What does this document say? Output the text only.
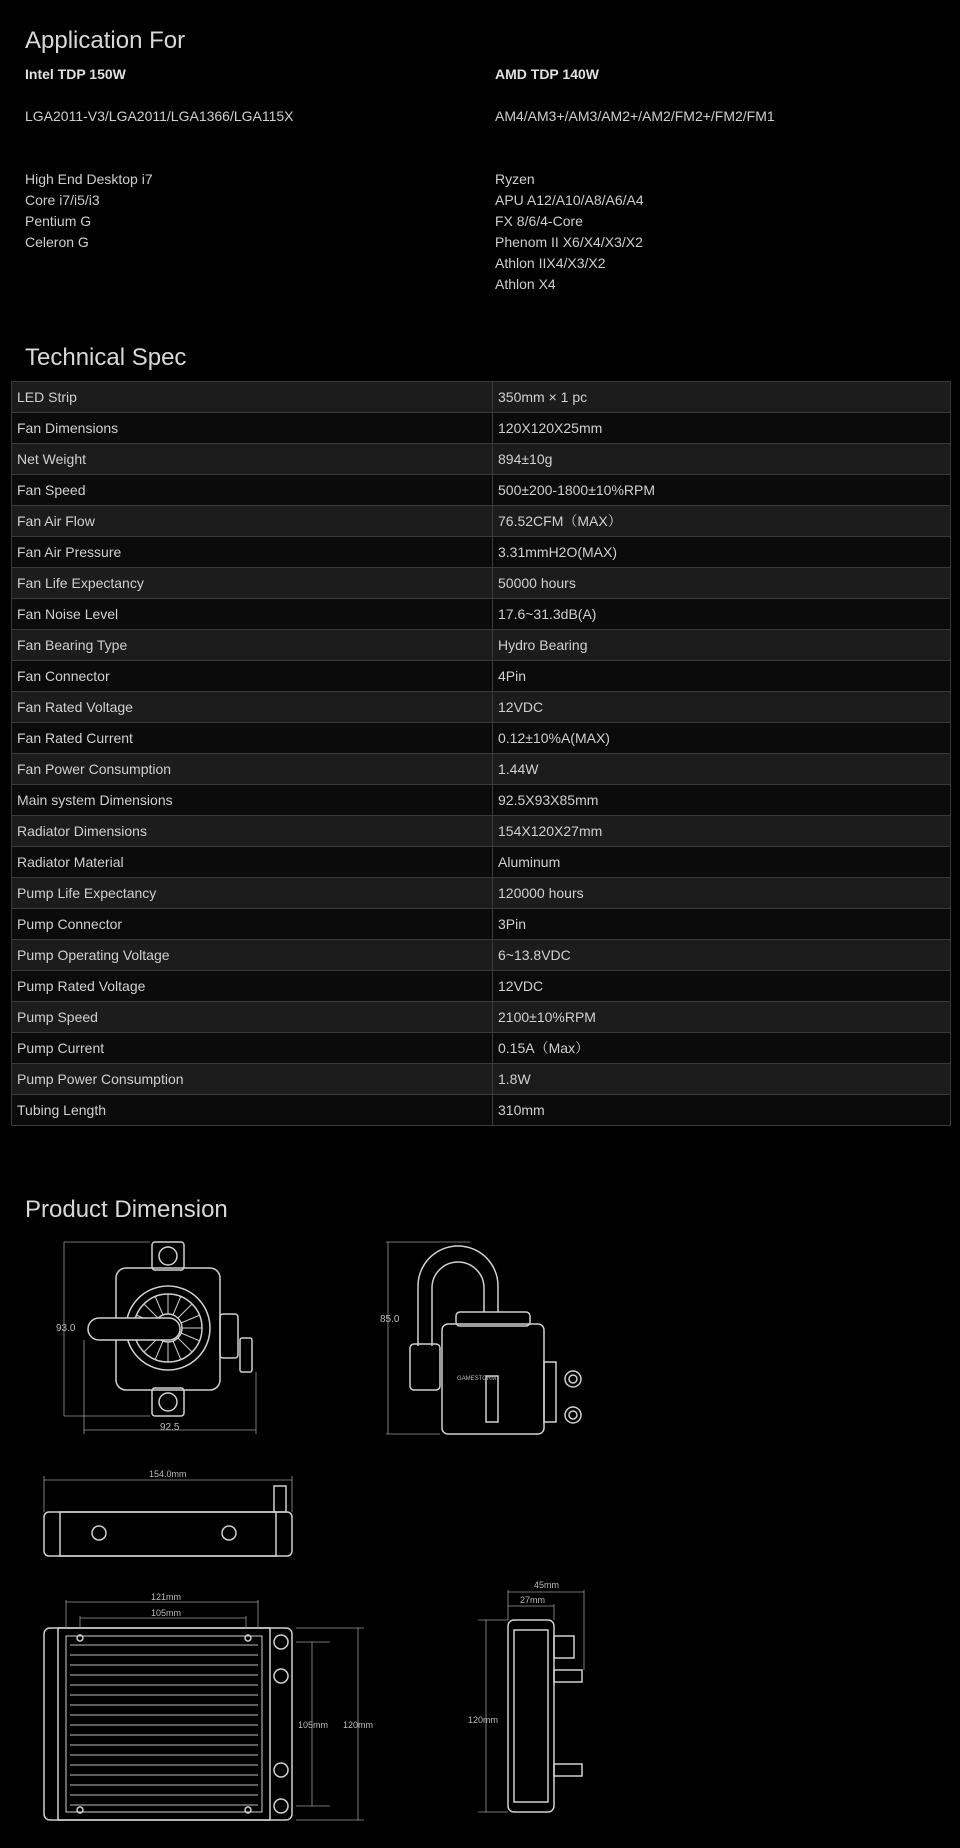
Application For
Intel TDP 150W
LGA2011-V3/LGA2011/LGA1366/LGA115X
High End Desktop i7
Core i7/i5/i3
Pentium G
Celeron G
AMD TDP 140W
AM4/AM3+/AM3/AM2+/AM2/FM2+/FM2/FM1
Ryzen
APU A12/A10/A8/A6/A4
FX 8/6/4-Core
Phenom II X6/X4/X3/X2
Athlon IIX4/X3/X2
Athlon X4
Technical Spec
LED Strip	350mm × 1 pc
Fan Dimensions	120X120X25mm
Net Weight	894±10g
Fan Speed	500±200-1800±10%RPM
Fan Air Flow	76.52CFM（MAX）
Fan Air Pressure	3.31mmH2O(MAX)
Fan Life Expectancy	50000 hours
Fan Noise Level	17.6~31.3dB(A)
Fan Bearing Type	Hydro Bearing
Fan Connector	4Pin
Fan Rated Voltage	12VDC
Fan Rated Current	0.12±10%A(MAX)
Fan Power Consumption	1.44W
Main system Dimensions	92.5X93X85mm
Radiator Dimensions	154X120X27mm
Radiator Material	Aluminum
Pump Life Expectancy	120000 hours
Pump Connector	3Pin
Pump Operating Voltage	6~13.8VDC
Pump Rated Voltage	12VDC
Pump Speed	2100±10%RPM
Pump Current	0.15A（Max）
Pump Power Consumption	1.8W
Tubing Length	310mm
Product Dimension
93.0
92.5
85.0
GAMESTORM
154.0mm
121mm
105mm
105mm 120mm
45mm
27mm
120mm
